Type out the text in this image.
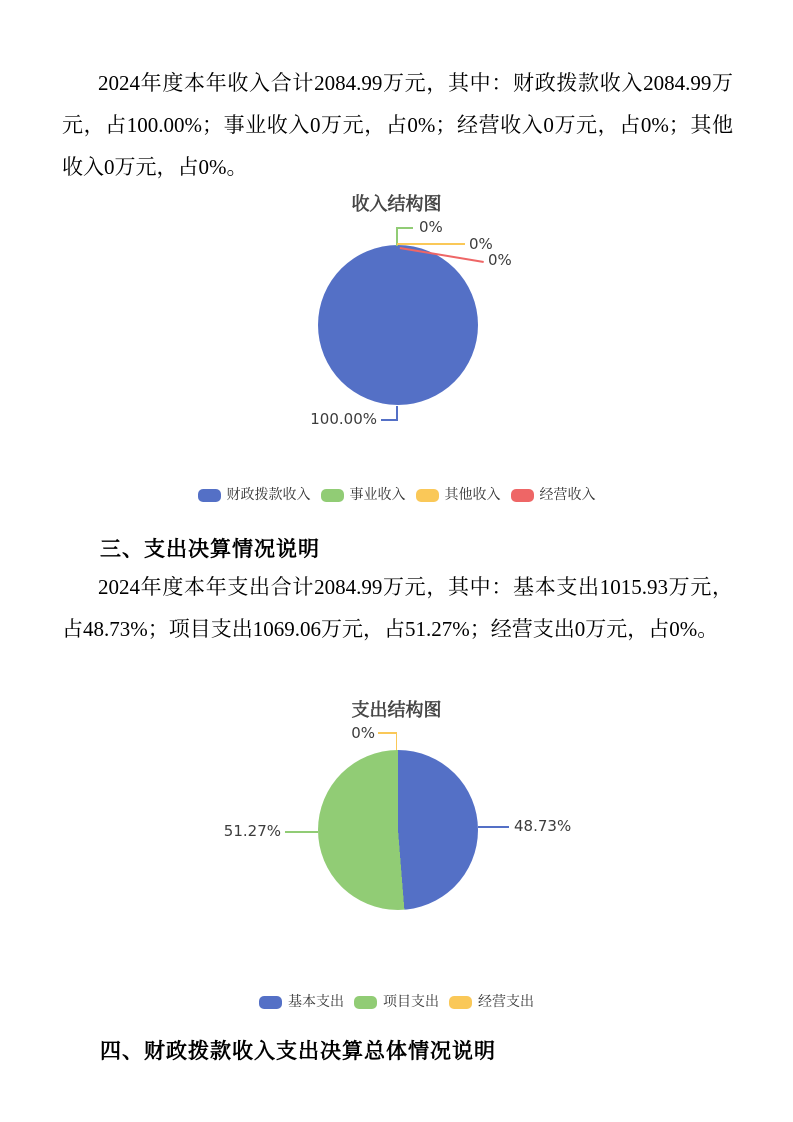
2024年度本年收入合计2084.99万元，其中：财政拨款收入2084.99万元，占100.00%；事业收入0万元，占0%；经营收入0万元，占0%；其他收入0万元，占0%。
收入结构图
0%
0%
0%
100.00%
财政拨款收入	事业收入	其他收入	经营收入
三、支出决算情况说明
2024年度本年支出合计2084.99万元，其中：基本支出1015.93万元，占48.73%；项目支出1069.06万元，占51.27%；经营支出0万元，占0%。
支出结构图
0%
48.73%
51.27%
基本支出	项目支出	经营支出
四、财政拨款收入支出决算总体情况说明
